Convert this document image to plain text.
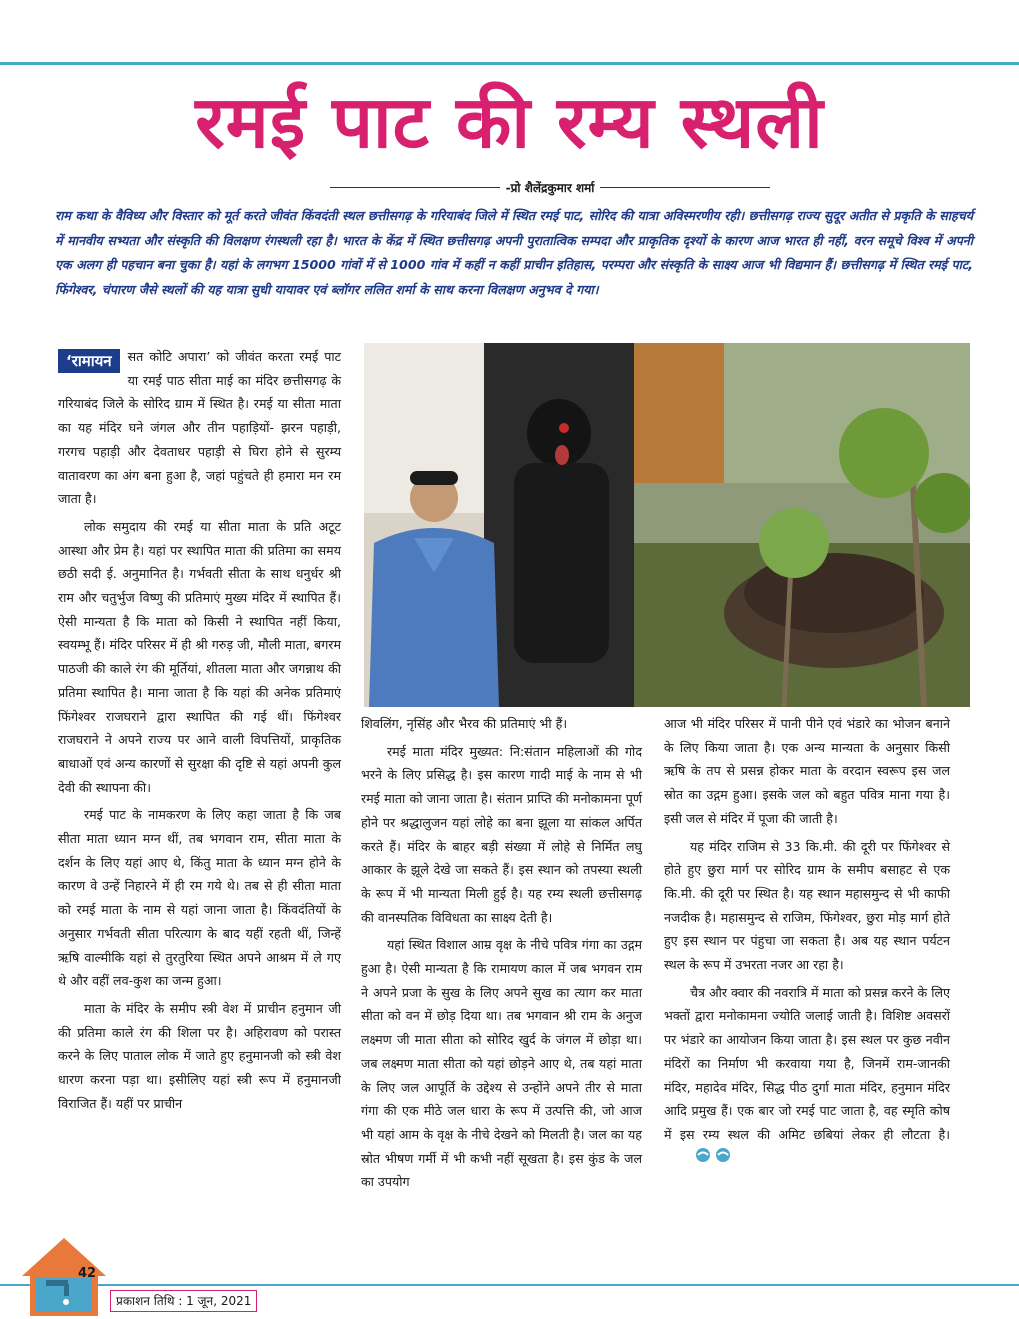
रमई पाट की रम्य स्थली
-प्रो शैलेंद्रकुमार शर्मा

राम कथा के वैविध्य और विस्तार को मूर्त करते जीवंत किंवदंती स्थल छत्तीसगढ़ के गरियाबंद जिले में स्थित रमई पाट, सोरिद की यात्रा अविस्मरणीय रही। छत्तीसगढ़ राज्य सुदूर अतीत से प्रकृति के साहचर्य में मानवीय सभ्यता और संस्कृति की विलक्षण रंगस्थली रहा है। भारत के केंद्र में स्थित छत्तीसगढ़ अपनी पुरातात्विक सम्पदा और प्राकृतिक दृश्यों के कारण आज भारत ही नहीं, वरन समूचे विश्व में अपनी एक अलग ही पहचान बना चुका है। यहां के लगभग 15000 गांवों में से 1000 गांव में कहीं न कहीं प्राचीन इतिहास, परम्परा और संस्कृति के साक्ष्य आज भी विद्यमान हैं। छत्तीसगढ़ में स्थित रमई पाट, फिंगेश्वर, चंपारण जैसे स्थलों की यह यात्रा सुधी यायावर एवं ब्लॉगर ललित शर्मा के साथ करना विलक्षण अनुभव दे गया।

‘रामायन	सत कोटि अपारा’ को जीवंत करता रमई पाट या रमई पाठ सीता माई का मंदिर छत्तीसगढ़ के गरियाबंद जिले के सोरिद ग्राम में स्थित है। रमई या सीता माता का यह मंदिर घने जंगल और तीन पहाड़ियों- झरन पहाड़ी, गरगच पहाड़ी और देवताधर पहाड़ी से घिरा होने से सुरम्य वातावरण का अंग बना हुआ है, जहां पहुंचते ही हमारा मन रम जाता है।

लोक समुदाय की रमई या सीता माता के प्रति अटूट आस्था और प्रेम है। यहां पर स्थापित माता की प्रतिमा का समय छठी सदी ई. अनुमानित है। गर्भवती सीता के साथ धनुर्धर श्री राम और चतुर्भुज विष्णु की प्रतिमाएं मुख्य मंदिर में स्थापित हैं। ऐसी मान्यता है कि माता को किसी ने स्थापित नहीं किया, स्वयम्भू हैं। मंदिर परिसर में ही श्री गरुड़ जी, मौली माता, बगरम पाठजी की काले रंग की मूर्तियां, शीतला माता और जगन्नाथ की प्रतिमा स्थापित है। माना जाता है कि यहां की अनेक प्रतिमाएं फिंगेश्वर राजघराने द्वारा स्थापित की गई थीं। फिंगेश्वर राजघराने ने अपने राज्य पर आने वाली विपत्तियों, प्राकृतिक बाधाओं एवं अन्य कारणों से सुरक्षा की दृष्टि से यहां अपनी कुल देवी की स्थापना की।

रमई पाट के नामकरण के लिए कहा जाता है कि जब सीता माता ध्यान मग्न थीं, तब भगवान राम, सीता माता के दर्शन के लिए यहां आए थे, किंतु माता के ध्यान मग्न होने के कारण वे उन्हें निहारने में ही रम गये थे। तब से ही सीता माता को रमई माता के नाम से यहां जाना जाता है। किंवदंतियों के अनुसार गर्भवती सीता परित्याग के बाद यहीं रहती थीं, जिन्हें ऋषि वाल्मीकि यहां से तुरतुरिया स्थित अपने आश्रम में ले गए थे और वहीं लव-कुश का जन्म हुआ।

माता के मंदिर के समीप स्त्री वेश में प्राचीन हनुमान जी की प्रतिमा काले रंग की शिला पर है। अहिरावण को परास्त करने के लिए पाताल लोक में जाते हुए हनुमानजी को स्त्री वेश धारण करना पड़ा था। इसीलिए यहां स्त्री रूप में हनुमानजी विराजित हैं। यहीं पर प्राचीन

शिवलिंग, नृसिंह और भैरव की प्रतिमाएं भी हैं।

रमई माता मंदिर मुख्यत: नि:संतान महिलाओं की गोद भरने के लिए प्रसिद्ध है। इस कारण गादी माई के नाम से भी रमई माता को जाना जाता है। संतान प्राप्ति की मनोकामना पूर्ण होने पर श्रद्धालुजन यहां लोहे का बना झूला या सांकल अर्पित करते हैं। मंदिर के बाहर बड़ी संख्या में लोहे से निर्मित लघु आकार के झूले देखे जा सकते हैं। इस स्थान को तपस्या स्थली के रूप में भी मान्यता मिली हुई है। यह रम्य स्थली छत्तीसगढ़ की वानस्पतिक विविधता का साक्ष्य देती है।

यहां स्थित विशाल आम्र वृक्ष के नीचे पवित्र गंगा का उद्गम हुआ है। ऐसी मान्यता है कि रामायण काल में जब भगवन राम ने अपने प्रजा के सुख के लिए अपने सुख का त्याग कर माता सीता को वन में छोड़ दिया था। तब भगवान श्री राम के अनुज लक्ष्मण जी माता सीता को सोरिद खुर्द के जंगल में छोड़ा था। जब लक्ष्मण माता सीता को यहां छोड़ने आए थे, तब यहां माता के लिए जल आपूर्ति के उद्देश्य से उन्होंने अपने तीर से माता गंगा की एक मीठे जल धारा के रूप में उत्पत्ति की, जो आज भी यहां आम के वृक्ष के नीचे देखने को मिलती है। जल का यह स्रोत भीषण गर्मी में भी कभी नहीं सूखता है। इस कुंड के जल का उपयोग

आज भी मंदिर परिसर में पानी पीने एवं भंडारे का भोजन बनाने के लिए किया जाता है। एक अन्य मान्यता के अनुसार किसी ऋषि के तप से प्रसन्न होकर माता के वरदान स्वरूप इस जल स्रोत का उद्गम हुआ। इसके जल को बहुत पवित्र माना गया है। इसी जल से मंदिर में पूजा की जाती है।

यह मंदिर राजिम से 33 कि.मी. की दूरी पर फिंगेश्वर से होते हुए छुरा मार्ग पर सोरिद ग्राम के समीप बसाहट से एक कि.मी. की दूरी पर स्थित है। यह स्थान महासमुन्द से भी काफी नजदीक है। महासमुन्द से राजिम, फिंगेश्वर, छुरा मोड़ मार्ग होते हुए इस स्थान पर पंहुचा जा सकता है। अब यह स्थान पर्यटन स्थल के रूप में उभरता नजर आ रहा है।

चैत्र और क्वार की नवरात्रि में माता को प्रसन्न करने के लिए भक्तों द्वारा मनोकामना ज्योति जलाई जाती है। विशिष्ट अवसरों पर भंडारे का आयोजन किया जाता है। इस स्थल पर कुछ नवीन मंदिरों का निर्माण भी करवाया गया है, जिनमें राम-जानकी मंदिर, महादेव मंदिर, सिद्ध पीठ दुर्गा माता मंदिर, हनुमान मंदिर आदि प्रमुख हैं। एक बार जो रमई पाट जाता है, वह स्मृति कोष में इस रम्य स्थल की अमिट छबियां लेकर ही लौटता है।

42
प्रकाशन तिथि : 1 जून, 2021
